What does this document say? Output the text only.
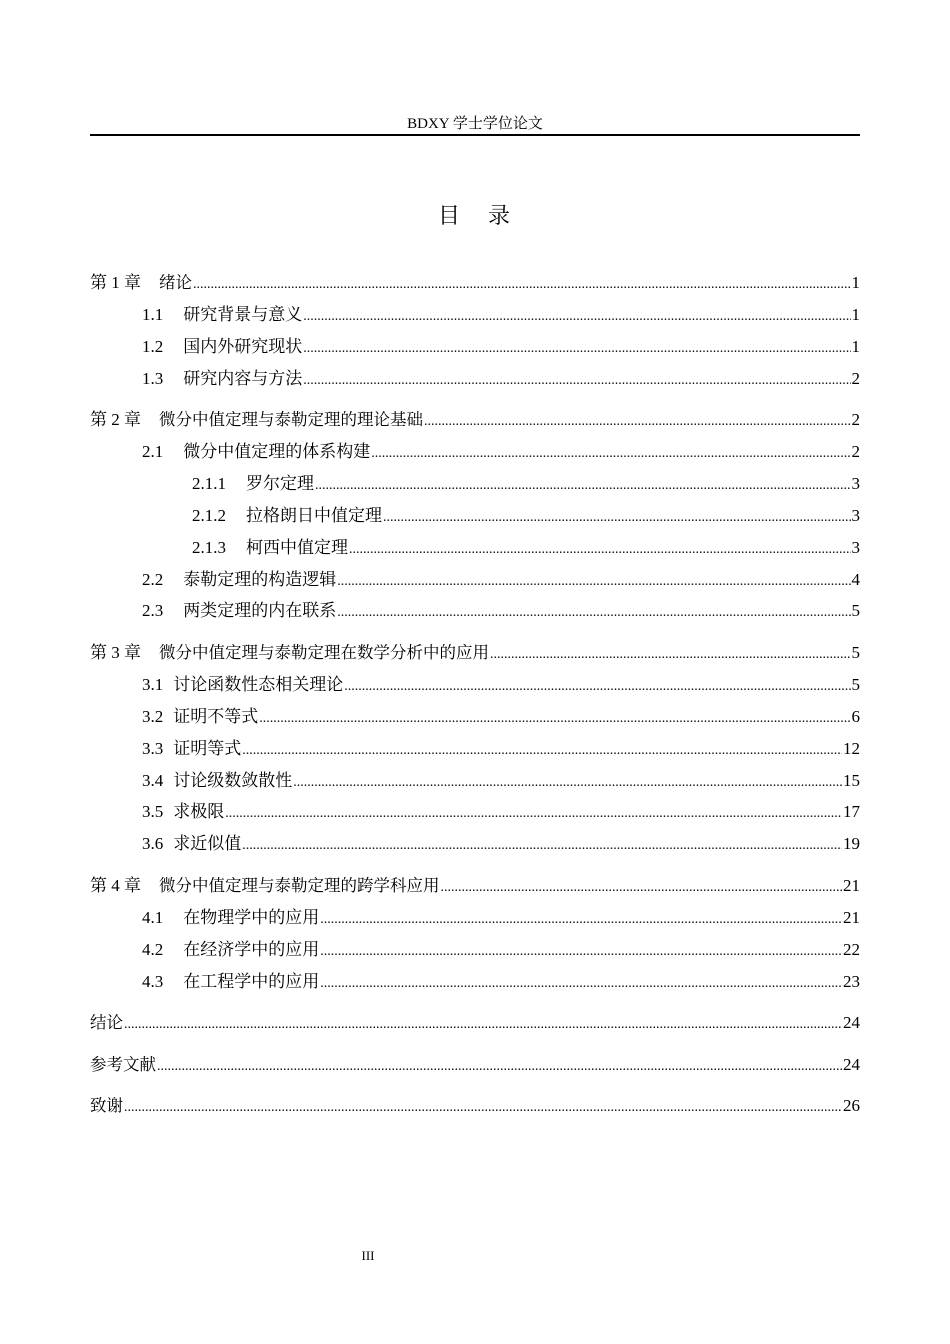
BDXY 学士学位论文
目 录
第 1 章 绪论 .....	1
1.1 研究背景与意义 .....	1
1.2 国内外研究现状 .....	1
1.3 研究内容与方法 .....	2
第 2 章 微分中值定理与泰勒定理的理论基础 .....	2
2.1 微分中值定理的体系构建 .....	2
2.1.1 罗尔定理 .....	3
2.1.2 拉格朗日中值定理 .....	3
2.1.3 柯西中值定理 .....	3
2.2 泰勒定理的构造逻辑 .....	4
2.3 两类定理的内在联系 .....	5
第 3 章 微分中值定理与泰勒定理在数学分析中的应用 .....	5
3.1 讨论函数性态相关理论 .....	5
3.2 证明不等式 .....	6
3.3 证明等式 .....	12
3.4 讨论级数敛散性 .....	15
3.5 求极限 .....	17
3.6 求近似值 .....	19
第 4 章 微分中值定理与泰勒定理的跨学科应用 .....	21
4.1 在物理学中的应用 .....	21
4.2 在经济学中的应用 .....	22
4.3 在工程学中的应用 .....	23
结论 .....	24
参考文献 .....	24
致谢 .....	26
III
